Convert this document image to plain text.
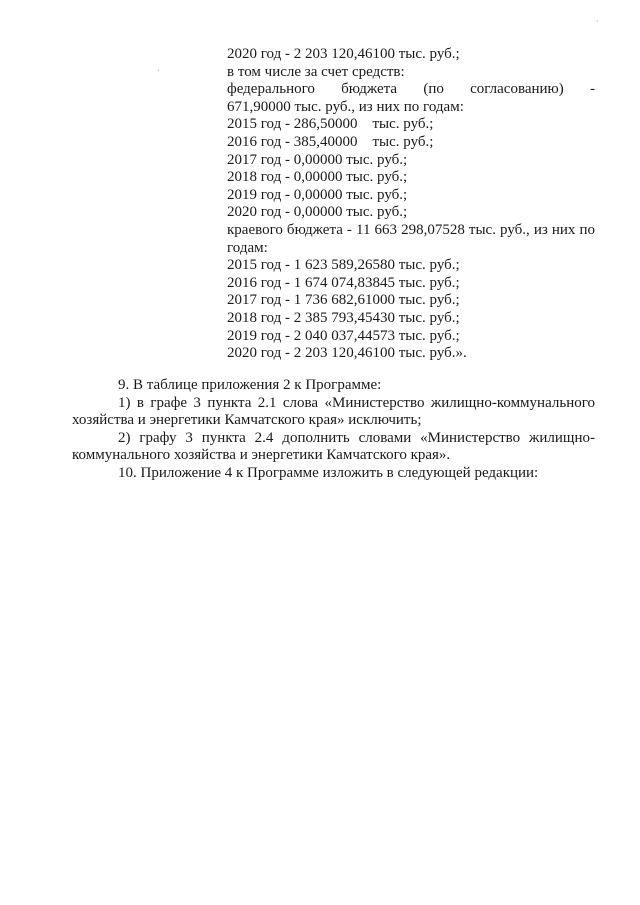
·
·
2020 год - 2 203 120,46100 тыс. руб.;
в том числе за счет средств:
федерального бюджета (по согласованию) -
671,90000 тыс. руб., из них по годам:
2015 год - 286,50000    тыс. руб.;
2016 год - 385,40000    тыс. руб.;
2017 год - 0,00000 тыс. руб.;
2018 год - 0,00000 тыс. руб.;
2019 год - 0,00000 тыс. руб.;
2020 год - 0,00000 тыс. руб.;
краевого бюджета - 11 663 298,07528 тыс. руб., из них по годам:
2015 год - 1 623 589,26580 тыс. руб.;
2016 год - 1 674 074,83845 тыс. руб.;
2017 год - 1 736 682,61000 тыс. руб.;
2018 год - 2 385 793,45430 тыс. руб.;
2019 год - 2 040 037,44573 тыс. руб.;
2020 год - 2 203 120,46100 тыс. руб.».

9. В таблице приложения 2 к Программе:

1) в графе 3 пункта 2.1 слова «Министерство жилищно-коммунального хозяйства и энергетики Камчатского края» исключить;

2) графу 3 пункта 2.4 дополнить словами «Министерство жилищно-коммунального хозяйства и энергетики Камчатского края».

10. Приложение 4 к Программе изложить в следующей редакции:
